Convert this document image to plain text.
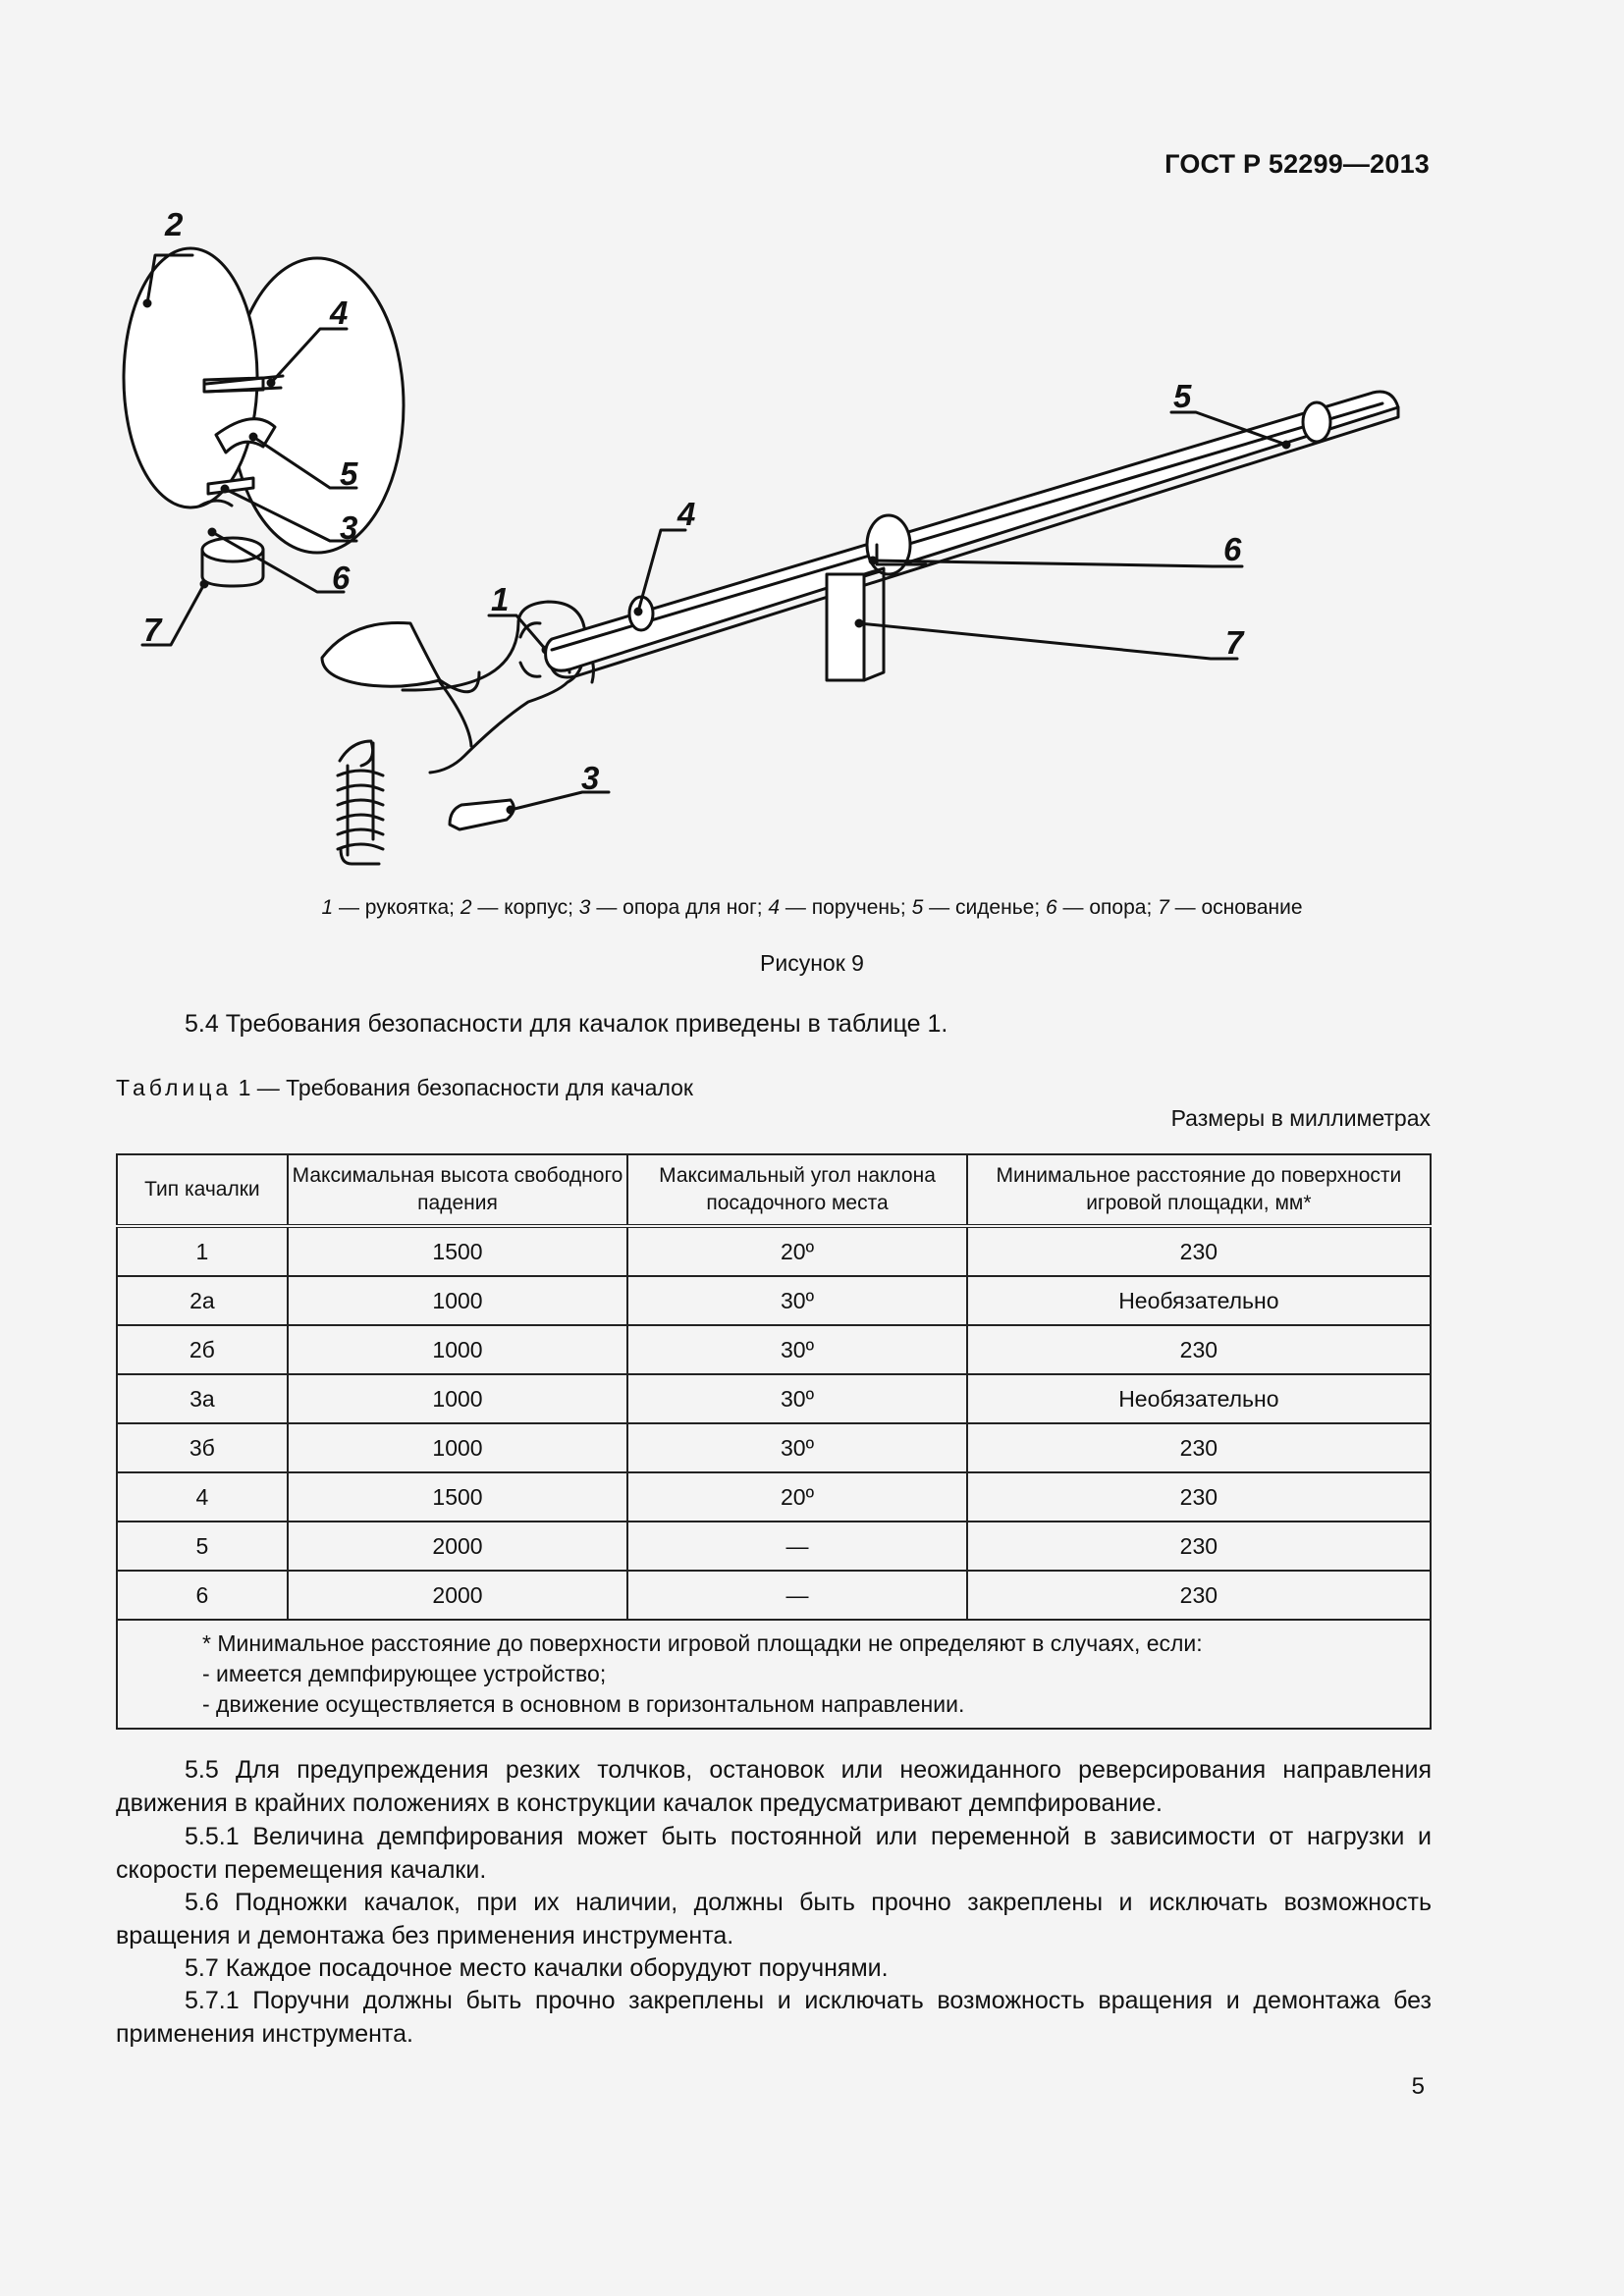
ГОСТ Р 52299—2013
2
4
5
3
6
7
1
3
5
4
6
7
1 — рукоятка; 2 — корпус; 3 — опора для ног; 4 — поручень; 5 — сиденье; 6 — опора; 7 — основание
Рисунок 9
5.4 Требования безопасности для качалок приведены в таблице 1.
Таблица 1 — Требования безопасности для качалок
Размеры в миллиметрах
Тип качалки	Максимальная высота свободного падения	Максимальный угол наклона посадочного места	Минимальное расстояние до поверхности игровой площадки, мм*
1	1500	20º	230
2а	1000	30º	Необязательно
2б	1000	30º	230
3а	1000	30º	Необязательно
3б	1000	30º	230
4	1500	20º	230
5	2000	—	230
6	2000	—	230

* Минимальное расстояние до поверхности игровой площадки не определяют в случаях, если:
- имеется демпфирующее устройство;
- движение осуществляется в основном в горизонтальном направлении.			
5.5 Для предупреждения резких толчков, остановок или неожиданного реверсирования направления движения в крайних положениях в конструкции качалок предусматривают демпфирование.
5.5.1 Величина демпфирования может быть постоянной или переменной в зависимости от нагрузки и скорости перемещения качалки.
5.6 Подножки качалок, при их наличии, должны быть прочно закреплены и исключать возможность вращения и демонтажа без применения инструмента.
5.7 Каждое посадочное место качалки оборудуют поручнями.
5.7.1 Поручни должны быть прочно закреплены и исключать возможность вращения и демонтажа без применения инструмента.
5
